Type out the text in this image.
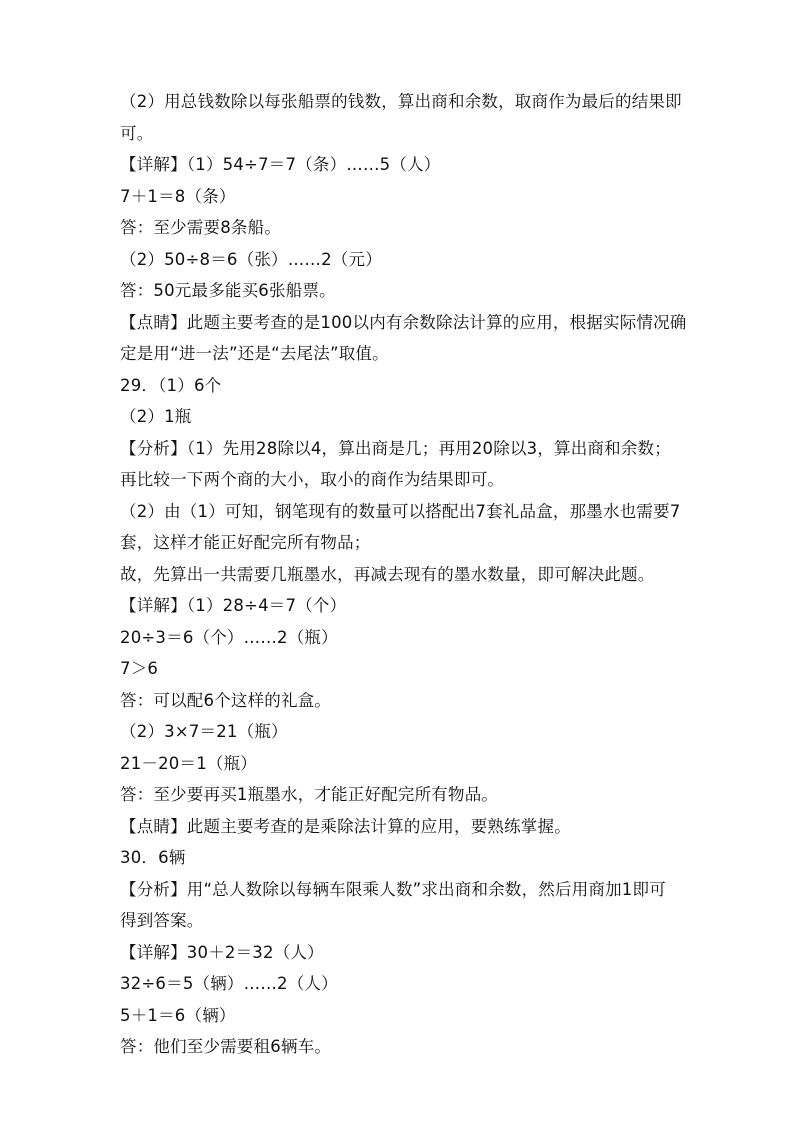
（2）用总钱数除以每张船票的钱数，算出商和余数，取商作为最后的结果即
可。
【详解】（1）54÷7＝7（条）……5（人）
7＋1＝8（条）
答：至少需要8条船。
（2）50÷8＝6（张）……2（元）
答：50元最多能买6张船票。
【点睛】此题主要考查的是100以内有余数除法计算的应用，根据实际情况确
定是用“进一法”还是“去尾法”取值。
29．（1）6个
（2）1瓶
【分析】（1）先用28除以4，算出商是几；再用20除以3，算出商和余数；
再比较一下两个商的大小，取小的商作为结果即可。
（2）由（1）可知，钢笔现有的数量可以搭配出7套礼品盒，那墨水也需要7
套，这样才能正好配完所有物品；
故，先算出一共需要几瓶墨水，再减去现有的墨水数量，即可解决此题。
【详解】（1）28÷4＝7（个）
20÷3＝6（个）……2（瓶）
7＞6
答：可以配6个这样的礼盒。
（2）3×7＝21（瓶）
21－20＝1（瓶）
答：至少要再买1瓶墨水，才能正好配完所有物品。
【点睛】此题主要考查的是乘除法计算的应用，要熟练掌握。
30．6辆
【分析】用“总人数除以每辆车限乘人数”求出商和余数，然后用商加1即可
得到答案。
【详解】30＋2＝32（人）
32÷6＝5（辆）……2（人）
5＋1＝6（辆）
答：他们至少需要租6辆车。
